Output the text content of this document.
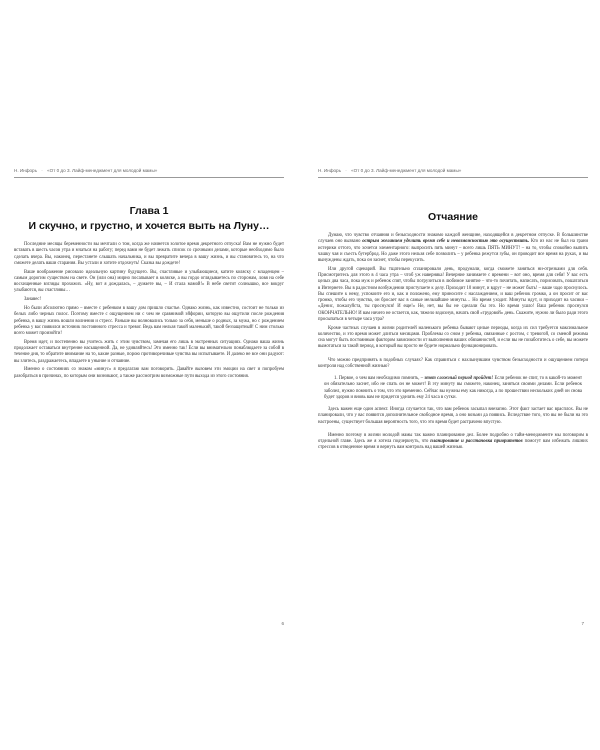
Н. Инфорь · «От 0 до 3. Лайф-менеджмент для молодой мамы»
Глава 1
И скучно, и грустно, и хочется выть на Луну…

Последние месяцы беременности вы мечтали о том, когда же начнется золотое время декретного отпуска! Вам не нужно будет вставать в шесть часов утра и мчаться на работу; перед вами не будет лежать список со срочными делами, которые необходимо было сделать вчера. Вы, наконец, перестанете слышать начальника, и вы превратите вечера в вашу жизнь, и вы становитесь то, на что сможете делать ваши старания. Вы устали и хотите отдохнуть! Сказка вы дождете!

Ваше воображение рисовало идеальную картину будущего. Вы, счастливые и улыбающиеся, катите коляску с младенцем – самым дорогим существом на свете. Он (или она) мирно посапывает в коляске, а вы гордо оглядываетесь по сторонам, ловя на себе восхищенные взгляды прохожих. «Ну, вот я дождалась, – думаете вы, – И стала мамой!» В небе светит солнышко, все вокруг улыбаются, вы счастливы…

Занавес!

Но были абсолютно прямо – вместе с ребенком в вашу дом пришло счастье. Однако жизнь, как известно, состоит не только из белых либо черных полос. Поэтому вместе с ощущением ни с чем не сравнимой эйфории, которую вы ощутили после рождения ребенка, в вашу жизнь вошли волнения и стресс. Раньше вы волновались только за себя, меньше о родных, за мужа, но с рождением ребенка у вас появился источник постоянного стресса и тревог. Ведь вам нельзя такой маленький, такой беззащитный! С ним столько всего может произойти!

Время идет, и постепенно вы учитесь жить с этим чувством, замечая его лишь в экстренных ситуациях. Однако ваша жизнь продолжает оставаться внутренне насыщенной. Да, не удивляйтесь! Это именно так! Если вы внимательно понаблюдаете за собой в течение дня, то обратите внимание на то, какие разные, порою противоречивые чувства вы испытываете. И далеко не все они радуют: вы злитесь, раздражаетесь, впадаете в уныние и отчаяние.

Именно о состояниях со знаком «минус» я предлагаю вам поговорить. Давайте вызовем эти эмоции на свет и попробуем разобраться в причинах, по которым они возникают, а также рассмотрим возможные пути выхода из этого состояния.

6
Н. Инфорь · «От 0 до 3. Лайф-менеджмент для молодой мамы»
Отчаяние

Думаю, что чувство отчаяния и безысходности знакомо каждой женщине, находящейся в декретном отпуске. В большинстве случаев оно вызвано острым желанием уделить время себе и невозможностью это осуществить. Кто из нас не был на грани истерики оттого, что хочется элементарного: выпросить пять минут – всего лишь ПЯТЬ МИНУТ! – на то, чтобы спокойно выпить чашку чая и съесть бутерброд. Но даже этого нельзя себе позволить – у ребенка режутся зубы, он проводит все время на руках, и вы вынуждены ждать, пока он заснет, чтобы перекусить.

Или другой сценарий. Вы тщательно спланировали день, продумали, когда сможете заняться ни-отрезками для себя. Присмотритесь для этого в 4 часа утра – чтоб уж наверняка! Вечерние занимаете с времени – вот оно, время для себя! У вас есть целых два часа, пока муж и ребенок спят, чтобы погрузиться в любимое занятие – что-то почитать, написать, порисовать, пошататься в Интернете. Вы в радостном возбуждении приступаете к делу. Проходит 10 минут, и вдруг – не может быть! – ваше чадо проснулось. Вы спешите к нему, успокоите его и, как и положено, ему приносите с наслаждением, и ваш ребенок громко, а он просит от вас громко, чтобы его чувства, он бросает вас в самые мельчайшие минуты… Но время уходит. Минуты идут, и приходит на часики – «Денис, пожалуйста, ты проснулся! И еще!» Не, нет, вы бы не сделали бы это. Но время ушло! Ваш ребенок проснулся ОКОНЧАТЕЛЬНО! И вам ничего не остается, как, тяжело вздохнув, начать свой «трудовой» день. Скажите, нужно ли было ради этого просыпаться в четыре часа утра?

Кроме частных случаев в жизни родителей маленького ребенка бывают целые периоды, когда их сил требуется максимальное количество, и это время может длиться месяцами. Проблемы со сном у ребенка, связанные с ростом, с тревогой, со сменой режима сна могут быть постоянным фактором зависимости от выполнения ваших обязанностей, и если вы не позаботитесь о себе, вы можете вымотаться за такой период, в который вы просто не будете нормально функционировать.

Что можно предпринять в подобных случаях? Как справиться с нахлынувшим чувством безысходности и ощущением потери контроля над собственной жизнью?

1. Первое, о чем вам необходимо помнить, – этот сложный период пройдет! Если ребенок не спит, то в какой-то момент он обязательно заснет, ибо не спать он не может! В эту минуту вы сможете, наконец, заняться своими делами. Если ребенок заболел, нужно помнить о том, что это временно. Сейчас вы нужны ему как никогда, а по прошествии нескольких дней он снова будет здоров и вновь вам не придется уделять ему 24 часа в сутки.

Здесь важен еще один аспект. Иногда случается так, что вам ребенок засыпал внезапно. Этот факт застает вас врасплох. Вы не планировали, что у вас появится дополнительное свободное время, а оно возьми да появись. Вследствие того, что вы не были на это настроены, существует большая вероятность того, что это время будет растрачено впустую.

Именно поэтому в жизни молодой мамы так важно планирование дел. Более подробно о тайм-менеджменте мы поговорим в отдельной главе. Здесь же я хотела подчеркнуть, что планирование и расстановка приоритетов помогут вам избежать лишних стрессов в отведенное время и вернуть вам контроль над вашей жизнью.

7
